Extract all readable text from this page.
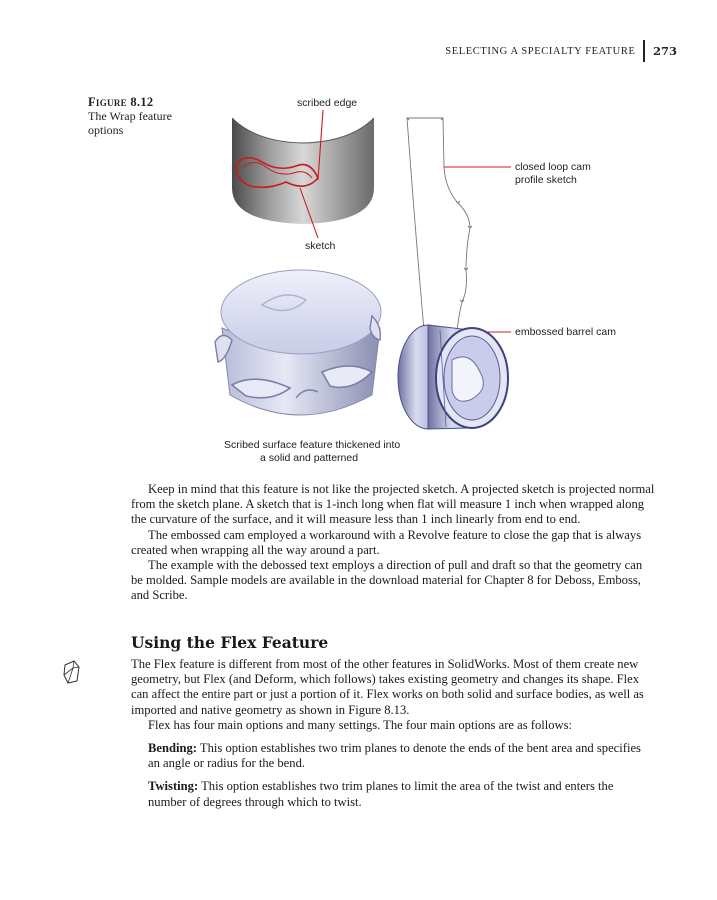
SELECTING A SPECIALTY FEATURE	273
Figure 8.12
The Wrap feature options
scribed edge
sketch
closed loop cam
profile sketch
embossed barrel cam
Scribed surface feature thickened into
a solid and patterned

Keep in mind that this feature is not like the projected sketch. A projected sketch is projected normal from the sketch plane. A sketch that is 1-inch long when flat will measure 1 inch when wrapped along the curvature of the surface, and it will measure less than 1 inch linearly from end to end.

The embossed cam employed a workaround with a Revolve feature to close the gap that is always created when wrapping all the way around a part.

The example with the debossed text employs a direction of pull and draft so that the geometry can be molded. Sample models are available in the download material for Chapter 8 for Deboss, Emboss, and Scribe.

Using the Flex Feature

The Flex feature is different from most of the other features in SolidWorks. Most of them create new geometry, but Flex (and Deform, which follows) takes existing geometry and changes its shape. Flex can affect the entire part or just a portion of it. Flex works on both solid and surface bodies, as well as imported and native geometry as shown in Figure 8.13.

Flex has four main options and many settings. The four main options are as follows:

Bending: This option establishes two trim planes to denote the ends of the bent area and specifies an angle or radius for the bend.

Twisting: This option establishes two trim planes to limit the area of the twist and enters the number of degrees through which to twist.
